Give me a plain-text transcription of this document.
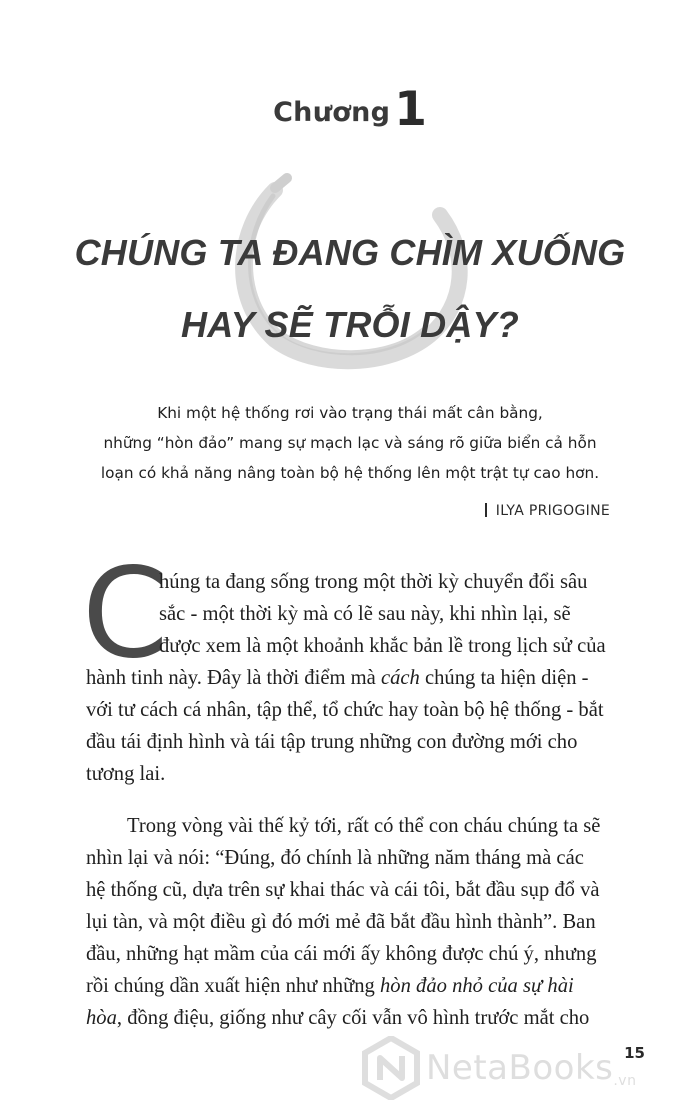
Chương1
CHÚNG TA ĐANG CHÌM XUỐNG
HAY SẼ TRỖI DẬY?
Khi một hệ thống rơi vào trạng thái mất cân bằng,
những “hòn đảo” mang sự mạch lạc và sáng rõ giữa biển cả hỗn
loạn có khả năng nâng toàn bộ hệ thống lên một trật tự cao hơn.
ILYA PRIGOGINE
C
húng ta đang sống trong một thời kỳ chuyển đổi sâu
sắc - một thời kỳ mà có lẽ sau này, khi nhìn lại, sẽ
được xem là một khoảnh khắc bản lề trong lịch sử của
hành tinh này. Đây là thời điểm mà cách chúng ta hiện diện -
với tư cách cá nhân, tập thể, tổ chức hay toàn bộ hệ thống - bắt
đầu tái định hình và tái tập trung những con đường mới cho
tương lai.
Trong vòng vài thế kỷ tới, rất có thể con cháu chúng ta sẽ
nhìn lại và nói: “Đúng, đó chính là những năm tháng mà các
hệ thống cũ, dựa trên sự khai thác và cái tôi, bắt đầu sụp đổ và
lụi tàn, và một điều gì đó mới mẻ đã bắt đầu hình thành”. Ban
đầu, những hạt mầm của cái mới ấy không được chú ý, nhưng
rồi chúng dần xuất hiện như những hòn đảo nhỏ của sự hài
hòa, đồng điệu, giống như cây cối vẫn vô hình trước mắt cho
NetaBooks.vn
15
